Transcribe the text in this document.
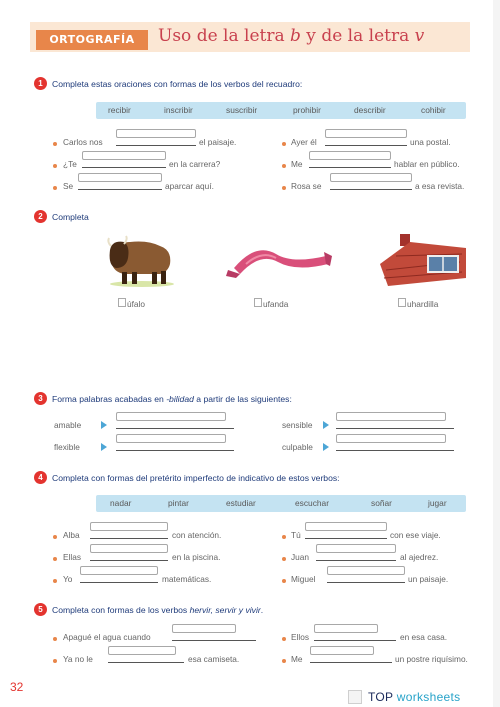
ORTOGRAFÍA	Uso de la letra b y de la letra v
1	Completa estas oraciones con formas de los verbos del recuadro:
recibir	inscribir	suscribir	prohibir	describir	cohibir
Carlos nos	el paisaje.
¿Te	en la carrera?
Se	aparcar aquí.
Ayer él	una postal.
Me	hablar en público.
Rosa se	a esa revista.
2	Completa
úfalo	ufanda	uhardilla
3	Forma palabras acabadas en -bilidad a partir de las siguientes:
amable
flexible
sensible
culpable
4	Completa con formas del pretérito imperfecto de indicativo de estos verbos:
nadar	pintar	estudiar	escuchar	soñar	jugar
Alba	con atención.
Ellas	en la piscina.
Yo	matemáticas.
Tú	con ese viaje.
Juan	al ajedrez.
Miguel	un paisaje.
5	Completa con formas de los verbos hervir, servir y vivir.
Apagué el agua cuando
Ya no le	esa camiseta.
Ellos	en esa casa.
Me	un postre riquísimo.
32
TOP worksheets
